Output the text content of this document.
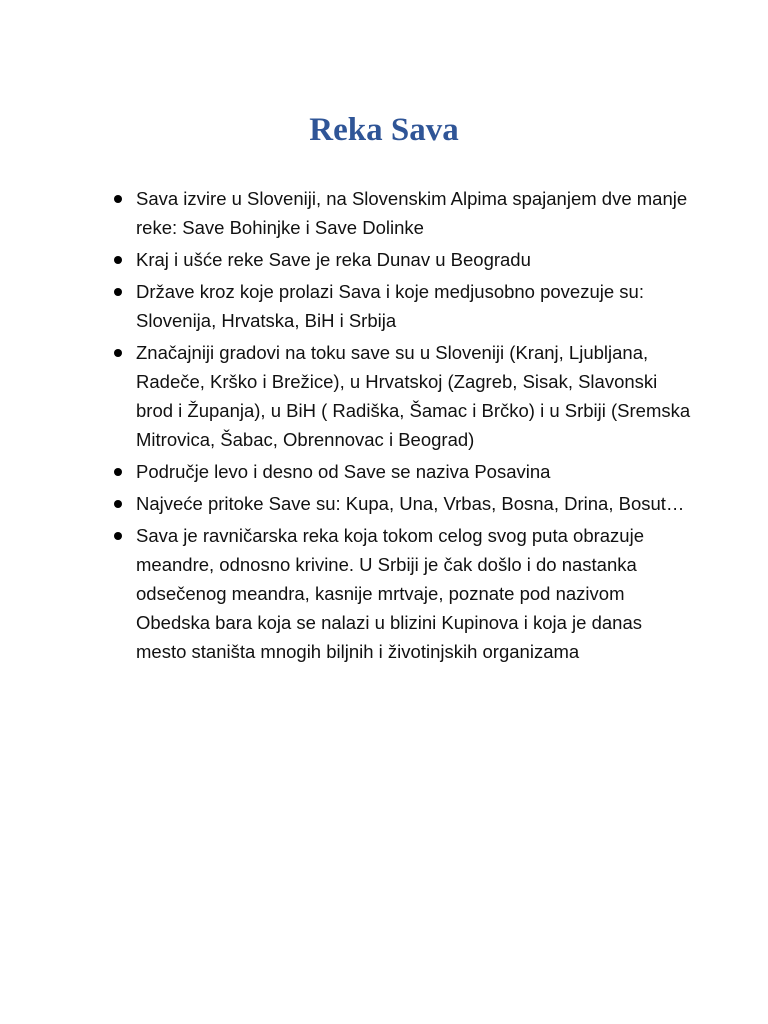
Reka Sava
Sava izvire u Sloveniji, na Slovenskim Alpima spajanjem dve manje reke: Save Bohinjke i Save Dolinke
Kraj i ušće reke Save je reka Dunav u Beogradu
Države kroz koje prolazi Sava i koje medjusobno povezuje su: Slovenija, Hrvatska, BiH i Srbija
Značajniji gradovi na toku save su u Sloveniji (Kranj, Ljubljana, Radeče, Krško i Brežice), u Hrvatskoj (Zagreb, Sisak, Slavonski brod i Županja), u BiH ( Radiška, Šamac i Brčko) i u Srbiji (Sremska Mitrovica, Šabac, Obrennovac i Beograd)
Područje levo i desno od Save se naziva Posavina
Najveće pritoke Save su: Kupa, Una, Vrbas, Bosna, Drina, Bosut…
Sava je ravničarska reka koja tokom celog svog puta obrazuje meandre, odnosno krivine. U Srbiji je čak došlo i do nastanka odsečenog meandra, kasnije mrtvaje, poznate pod nazivom Obedska bara koja se nalazi u blizini Kupinova i koja je danas mesto staništa mnogih biljnih i životinjskih organizama
